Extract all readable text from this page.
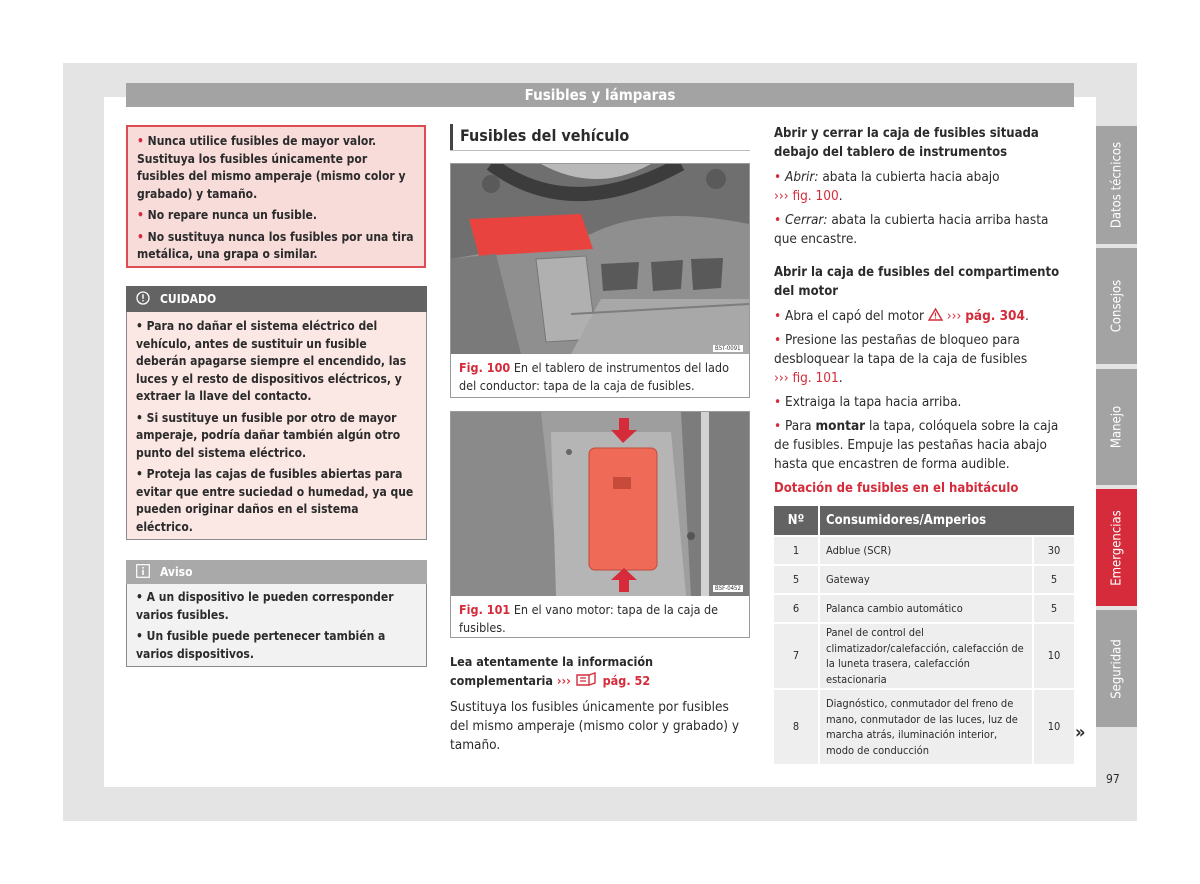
Fusibles y lámparas

• Nunca utilice fusibles de mayor valor. Sustituya los fusibles únicamente por fusibles del mismo amperaje (mismo color y grabado) y tamaño.

• No repare nunca un fusible.

• No sustituya nunca los fusibles por una tira metálica, una grapa o similar.

CUIDADO

• Para no dañar el sistema eléctrico del vehículo, antes de sustituir un fusible deberán apagarse siempre el encendido, las luces y el resto de dispositivos eléctricos, y extraer la llave del contacto.

• Si sustituye un fusible por otro de mayor amperaje, podría dañar también algún otro punto del sistema eléctrico.

• Proteja las cajas de fusibles abiertas para evitar que entre suciedad o humedad, ya que pueden originar daños en el sistema eléctrico.

Aviso

• A un dispositivo le pueden corresponder varios fusibles.

• Un fusible puede pertenecer también a varios dispositivos.

Fusibles del vehículo
B5T-0091
Fig. 100 En el tablero de instrumentos del lado del conductor: tapa de la caja de fusibles.
B5F-0452
Fig. 101 En el vano motor: tapa de la caja de fusibles.
Lea atentamente la información complementaria ›››	pág. 52
Sustituya los fusibles únicamente por fusibles del mismo amperaje (mismo color y grabado) y tamaño.
Abrir y cerrar la caja de fusibles situada debajo del tablero de instrumentos

• Abrir: abata la cubierta hacia abajo
››› fig. 100.

• Cerrar: abata la cubierta hacia arriba hasta que encastre.

Abrir la caja de fusibles del compartimento del motor

• Abra el capó del motor ››› pág. 304.

• Presione las pestañas de bloqueo para desbloquear la tapa de la caja de fusibles
››› fig. 101.

• Extraiga la tapa hacia arriba.

• Para montar la tapa, colóquela sobre la caja de fusibles. Empuje las pestañas hacia abajo hasta que encastren de forma audible.

Dotación de fusibles en el habitáculo

Nº	Consumidores/Amperios	
1	Adblue (SCR)	30
5	Gateway	5
6	Palanca cambio automático	5
7	Panel de control del climatizador/calefacción, calefacción de la luneta trasera, calefacción estacionaria	10
8	Diagnóstico, conmutador del freno de mano, conmutador de las luces, luz de marcha atrás, iluminación interior, modo de conducción	10 »
Datos técnicos
Consejos
Manejo
Emergencias
Seguridad
97
